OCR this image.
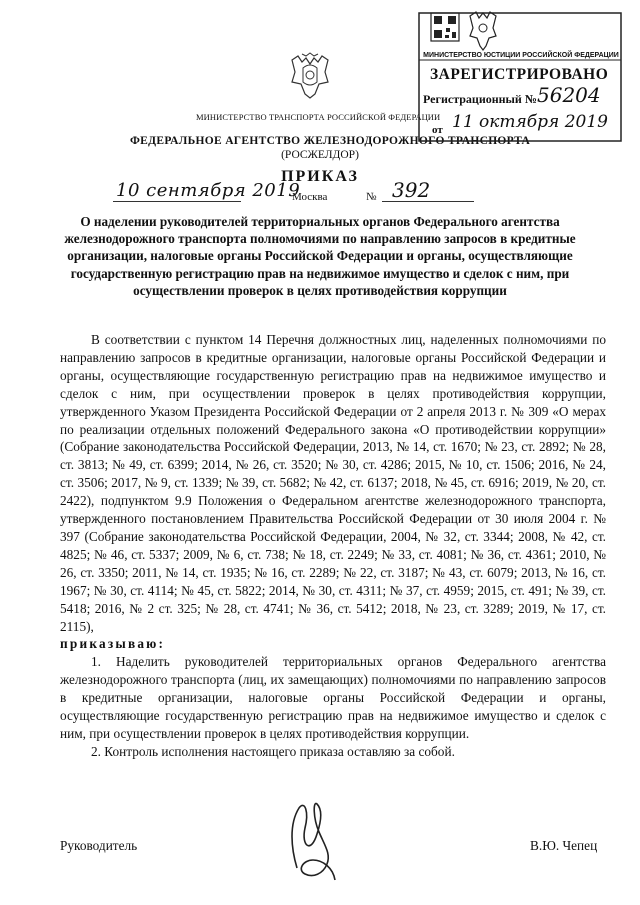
МИНИСТЕРСТВО ТРАНСПОРТА РОССИЙСКОЙ ФЕДЕРАЦИИ
ФЕДЕРАЛЬНОЕ АГЕНТСТВО ЖЕЛЕЗНОДОРОЖНОГО ТРАНСПОРТА
(РОСЖЕЛДОР)
ПРИКАЗ
10 сентября 2019
Москва	№ 392
О наделении руководителей территориальных органов Федерального агентства железнодорожного транспорта полномочиями по направлению запросов в кредитные организации, налоговые органы Российской Федерации и органы, осуществляющие государственную регистрацию прав на недвижимое имущество и сделок с ним, при осуществлении проверок в целях противодействия коррупции

В соответствии с пунктом 14 Перечня должностных лиц, наделенных полномочиями по направлению запросов в кредитные организации, налоговые органы Российской Федерации и органы, осуществляющие государственную регистрацию прав на недвижимое имущество и сделок с ним, при осуществлении проверок в целях противодействия коррупции, утвержденного Указом Президента Российской Федерации от 2 апреля 2013 г. № 309 «О мерах по реализации отдельных положений Федерального закона «О противодействии коррупции» (Собрание законодательства Российской Федерации, 2013, № 14, ст. 1670; № 23, ст. 2892; № 28, ст. 3813; № 49, ст. 6399; 2014, № 26, ст. 3520; № 30, ст. 4286; 2015, № 10, ст. 1506; 2016, № 24, ст. 3506; 2017, № 9, ст. 1339; № 39, ст. 5682; № 42, ст. 6137; 2018, № 45, ст. 6916; 2019, № 20, ст. 2422), подпунктом 9.9 Положения о Федеральном агентстве железнодорожного транспорта, утвержденного постановлением Правительства Российской Федерации от 30 июля 2004 г. № 397 (Собрание законодательства Российской Федерации, 2004, № 32, ст. 3344; 2008, № 42, ст. 4825; № 46, ст. 5337; 2009, № 6, ст. 738; № 18, ст. 2249; № 33, ст. 4081; № 36, ст. 4361; 2010, № 26, ст. 3350; 2011, № 14, ст. 1935; № 16, ст. 2289; № 22, ст. 3187; № 43, ст. 6079; 2013, № 16, ст. 1967; № 30, ст. 4114; № 45, ст. 5822; 2014, № 30, ст. 4311; № 37, ст. 4959; 2015, ст. 491; № 39, ст. 5418; 2016, № 2 ст. 325; № 28, ст. 4741; № 36, ст. 5412; 2018, № 23, ст. 3289; 2019, № 17, ст. 2115),

приказываю:

1. Наделить руководителей территориальных органов Федерального агентства железнодорожного транспорта (лиц, их замещающих) полномочиями по направлению запросов в кредитные организации, налоговые органы Российской Федерации и органы, осуществляющие государственную регистрацию прав на недвижимое имущество и сделок с ним, при осуществлении проверок в целях противодействия коррупции.

2. Контроль исполнения настоящего приказа оставляю за собой.

Руководитель	В.Ю. Чепец
МИНИСТЕРСТВО ЮСТИЦИИ РОССИЙСКОЙ ФЕДЕРАЦИИ
ЗАРЕГИСТРИРОВАНО
Регистрационный № 56204
от 11 октября 2019
